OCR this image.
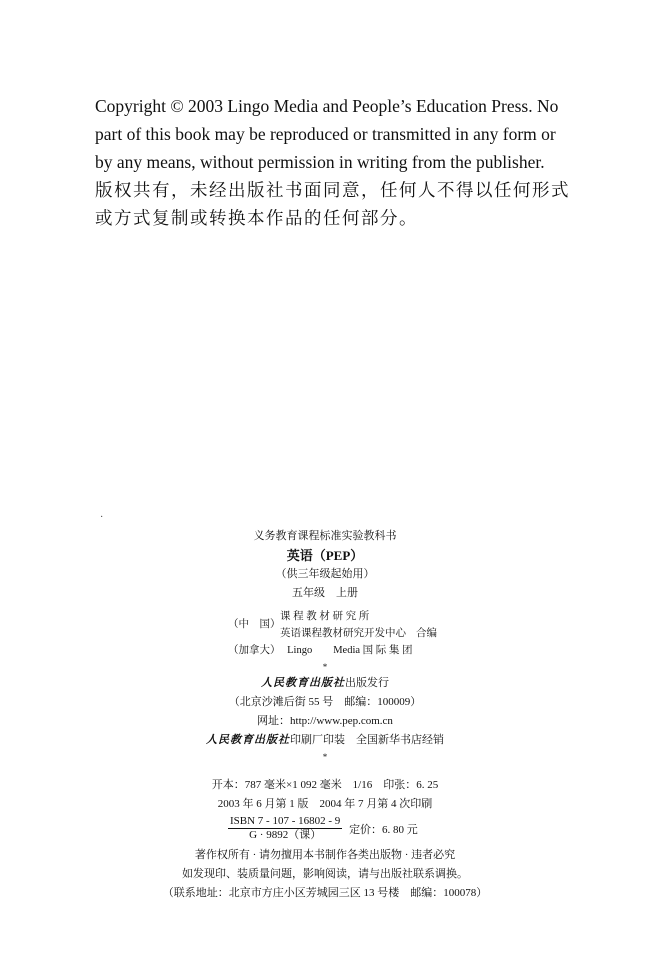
Copyright © 2003 Lingo Media and People’s Education Press. No

part of this book may be reproduced or transmitted in any form or

by any means, without permission in writing from the publisher.

版权共有，未经出版社书面同意，任何人不得以任何形式

或方式复制或转换本作品的任何部分。

·
义务教育课程标准实验教科书
英语（PEP）
（供三年级起始用）
五年级　上册
（中　国）
课 程 教 材 研 究 所
英语课程教材研究开发中心 合编
（加拿大） Lingo　　Media 国 际 集 团
*
人民教育出版社出版发行
（北京沙滩后街 55 号　邮编：100009）
网址：http://www.pep.com.cn
人民教育出版社印刷厂印装　全国新华书店经销
*
开本：787 毫米×1 092 毫米　1/16　印张：6. 25
2003 年 6 月第 1 版　2004 年 7 月第 4 次印刷
$\frac{\text{ISBN 7 - 107 - 16802 - 9}}{\text{G · 9892（课）}}$ 定价：6. 80 元
著作权所有 · 请勿擅用本书制作各类出版物 · 违者必究
如发现印、装质量问题，影响阅读，请与出版社联系调换。
（联系地址：北京市方庄小区芳城园三区 13 号楼　邮编：100078）
